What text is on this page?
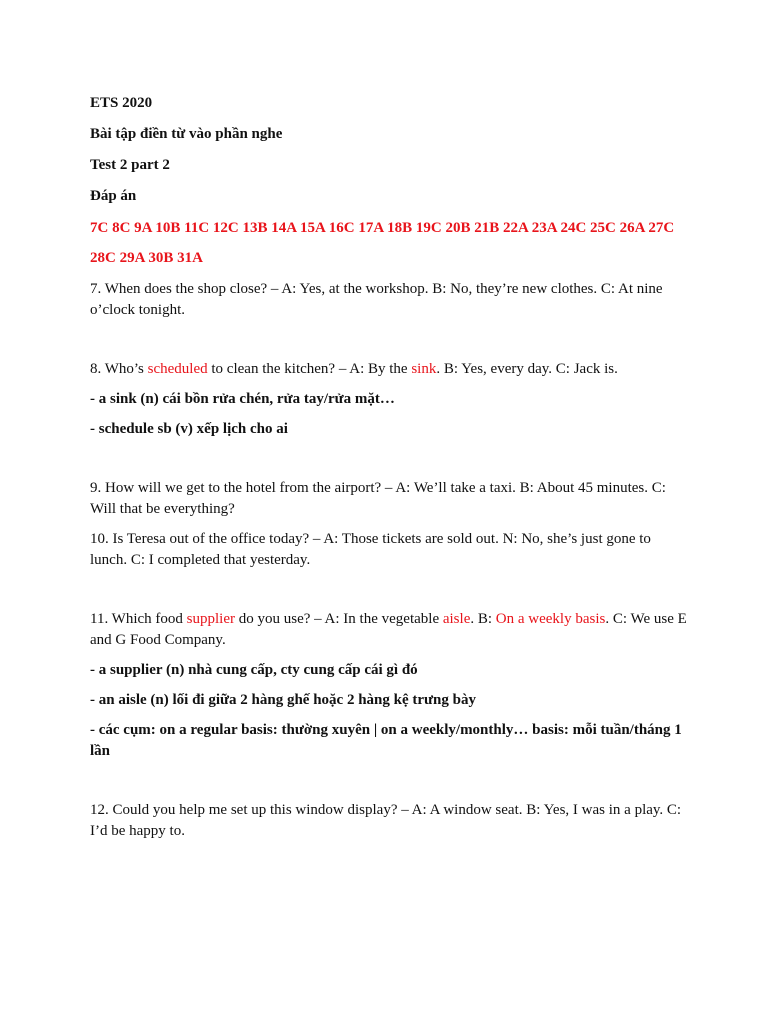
ETS 2020

Bài tập điền từ vào phần nghe

Test 2 part 2

Đáp án

7C 8C 9A 10B 11C 12C 13B 14A 15A 16C 17A 18B 19C 20B 21B 22A 23A 24C 25C 26A 27C 28C 29A 30B 31A

7. When does the shop close? – A: Yes, at the workshop. B: No, they’re new clothes. C: At nine o’clock tonight.

8. Who’s scheduled to clean the kitchen? – A: By the sink. B: Yes, every day. C: Jack is.

- a sink (n) cái bồn rửa chén, rửa tay/rửa mặt…

- schedule sb (v) xếp lịch cho ai

9. How will we get to the hotel from the airport? – A: We’ll take a taxi. B: About 45 minutes. C: Will that be everything?

10. Is Teresa out of the office today? – A: Those tickets are sold out. N: No, she’s just gone to lunch. C: I completed that yesterday.

11. Which food supplier do you use? – A: In the vegetable aisle. B: On a weekly basis. C: We use E and G Food Company.

- a supplier (n) nhà cung cấp, cty cung cấp cái gì đó

- an aisle (n) lối đi giữa 2 hàng ghế hoặc 2 hàng kệ trưng bày

- các cụm: on a regular basis: thường xuyên | on a weekly/monthly… basis: mỗi tuần/tháng 1 lần

12. Could you help me set up this window display? – A: A window seat. B: Yes, I was in a play. C: I’d be happy to.
